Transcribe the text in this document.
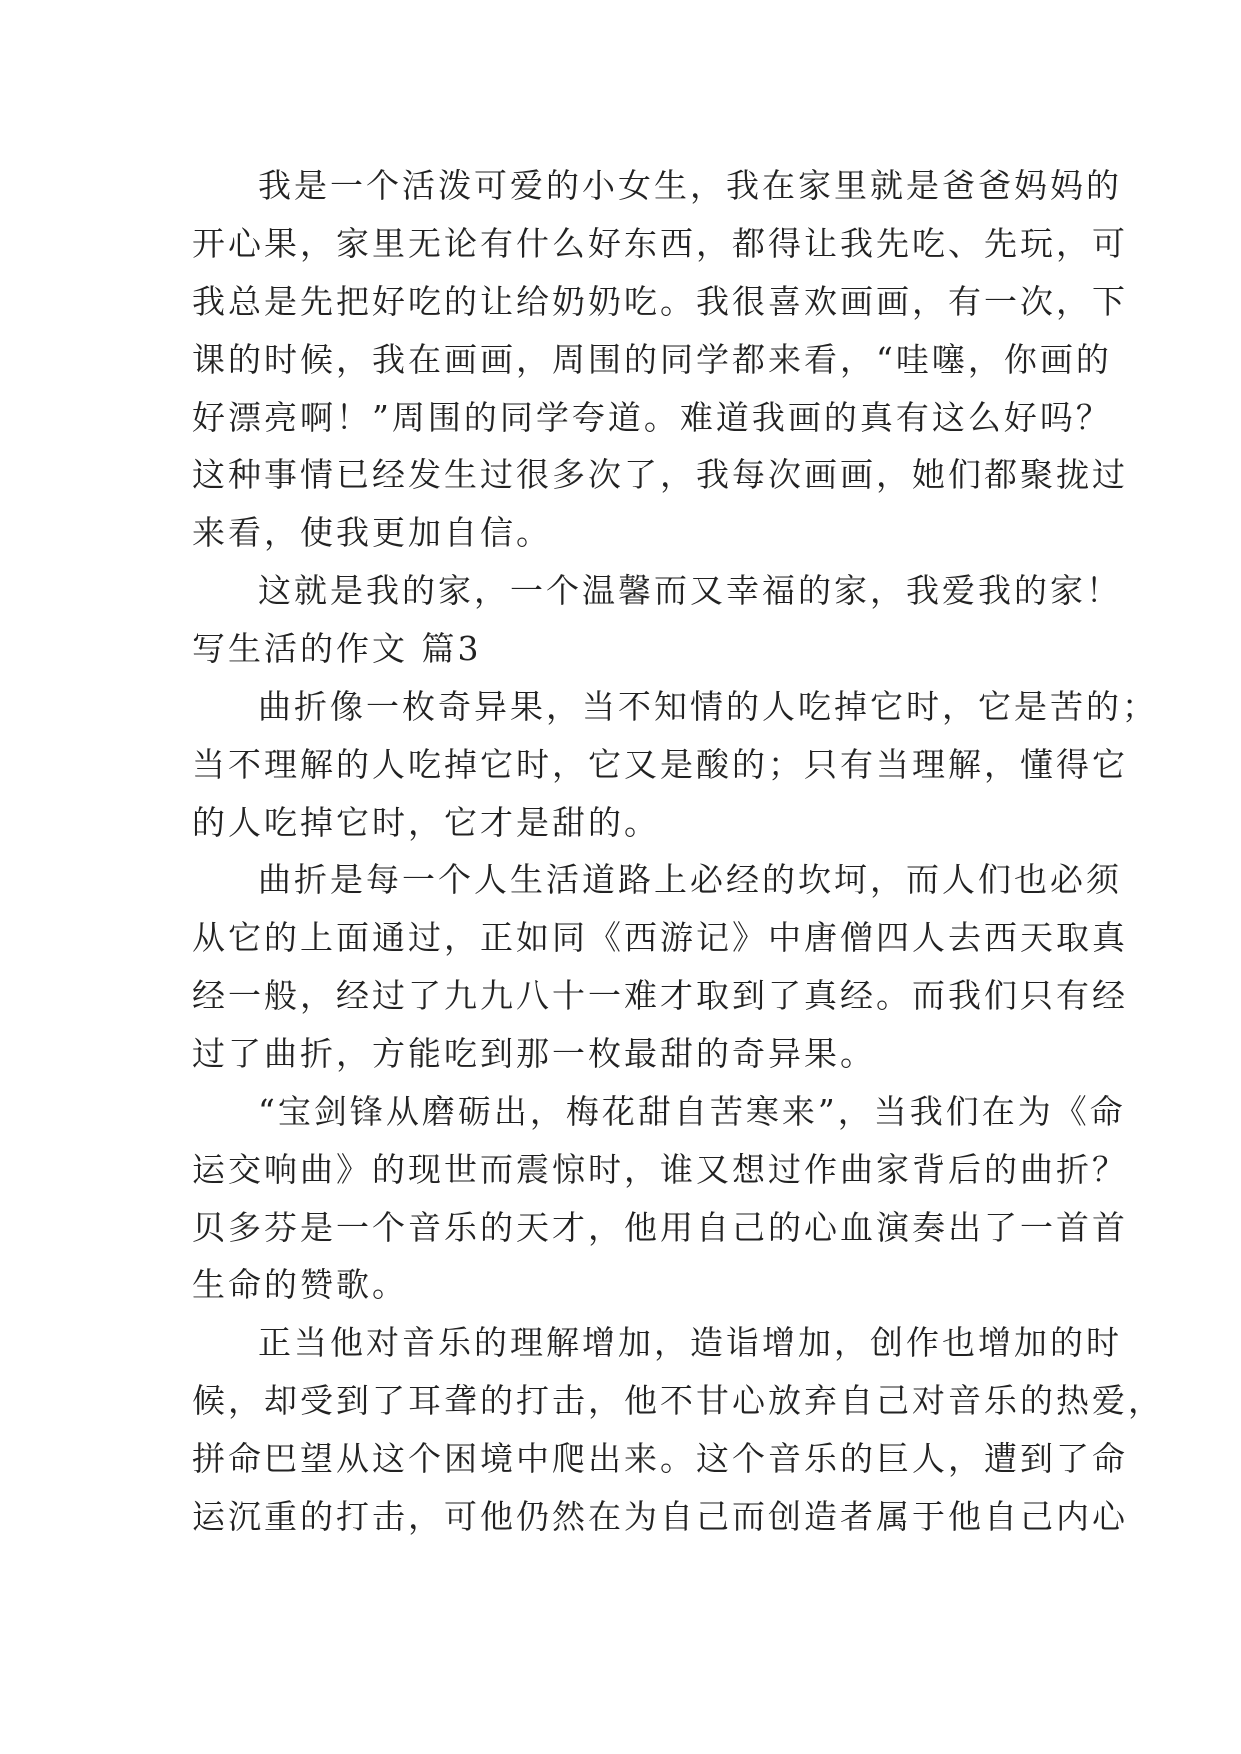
我是一个活泼可爱的小女生，我在家里就是爸爸妈妈的
开心果，家里无论有什么好东西，都得让我先吃、先玩，可
我总是先把好吃的让给奶奶吃。我很喜欢画画，有一次，下
课的时候，我在画画，周围的同学都来看，“哇噻，你画的
好漂亮啊！”周围的同学夸道。难道我画的真有这么好吗？
这种事情已经发生过很多次了，我每次画画，她们都聚拢过
来看，使我更加自信。
这就是我的家，一个温馨而又幸福的家，我爱我的家！
写生活的作文 篇3
曲折像一枚奇异果，当不知情的人吃掉它时，它是苦的；
当不理解的人吃掉它时，它又是酸的；只有当理解，懂得它
的人吃掉它时，它才是甜的。
曲折是每一个人生活道路上必经的坎坷，而人们也必须
从它的上面通过，正如同《西游记》中唐僧四人去西天取真
经一般，经过了九九八十一难才取到了真经。而我们只有经
过了曲折，方能吃到那一枚最甜的奇异果。
“宝剑锋从磨砺出，梅花甜自苦寒来”，当我们在为《命
运交响曲》的现世而震惊时，谁又想过作曲家背后的曲折？
贝多芬是一个音乐的天才，他用自己的心血演奏出了一首首
生命的赞歌。
正当他对音乐的理解增加，造诣增加，创作也增加的时
候，却受到了耳聋的打击，他不甘心放弃自己对音乐的热爱，
拼命巴望从这个困境中爬出来。这个音乐的巨人，遭到了命
运沉重的打击，可他仍然在为自己而创造者属于他自己内心
